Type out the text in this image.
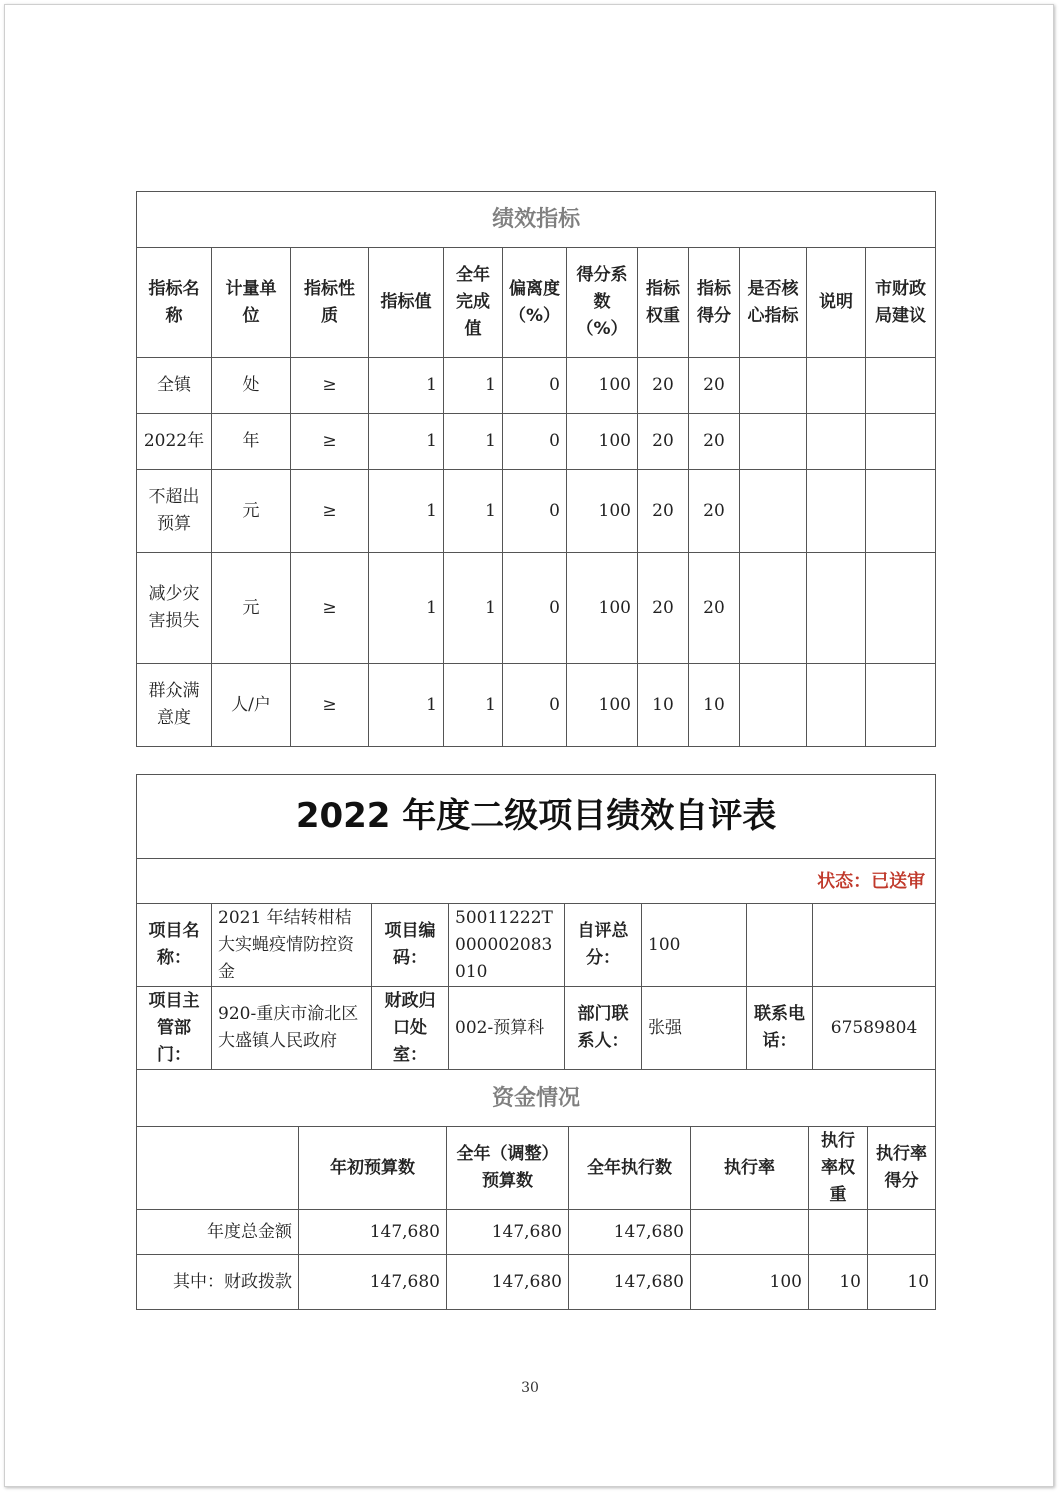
绩效指标											
指标名称	计量单位	指标性质	指标值	全年完成值	偏离度（%）	得分系数（%）	指标权重	指标得分	是否核心指标	说明	市财政局建议
全镇	处	≥	1	1	0	100	20	20			
2022年	年	≥	1	1	0	100	20	20			
不超出预算	元	≥	1	1	0	100	20	20			
减少灾害损失	元	≥	1	1	0	100	20	20			
群众满意度	人/户	≥	1	1	0	100	10	10			
2022 年度二级项目绩效自评表							
状态：已送审							
项目名称：	2021 年结转柑桔大实蝇疫情防控资金	项目编码：	50011222T000002083010	自评总分：	100		
项目主管部门：	920-重庆市渝北区大盛镇人民政府	财政归口处室：	002-预算科	部门联系人：	张强	联系电话：	67589804
资金情况						
	年初预算数	全年（调整）预算数	全年执行数	执行率	执行率权重	执行率得分
年度总金额	147,680	147,680	147,680			
其中：财政拨款	147,680	147,680	147,680	100	10	10
30
